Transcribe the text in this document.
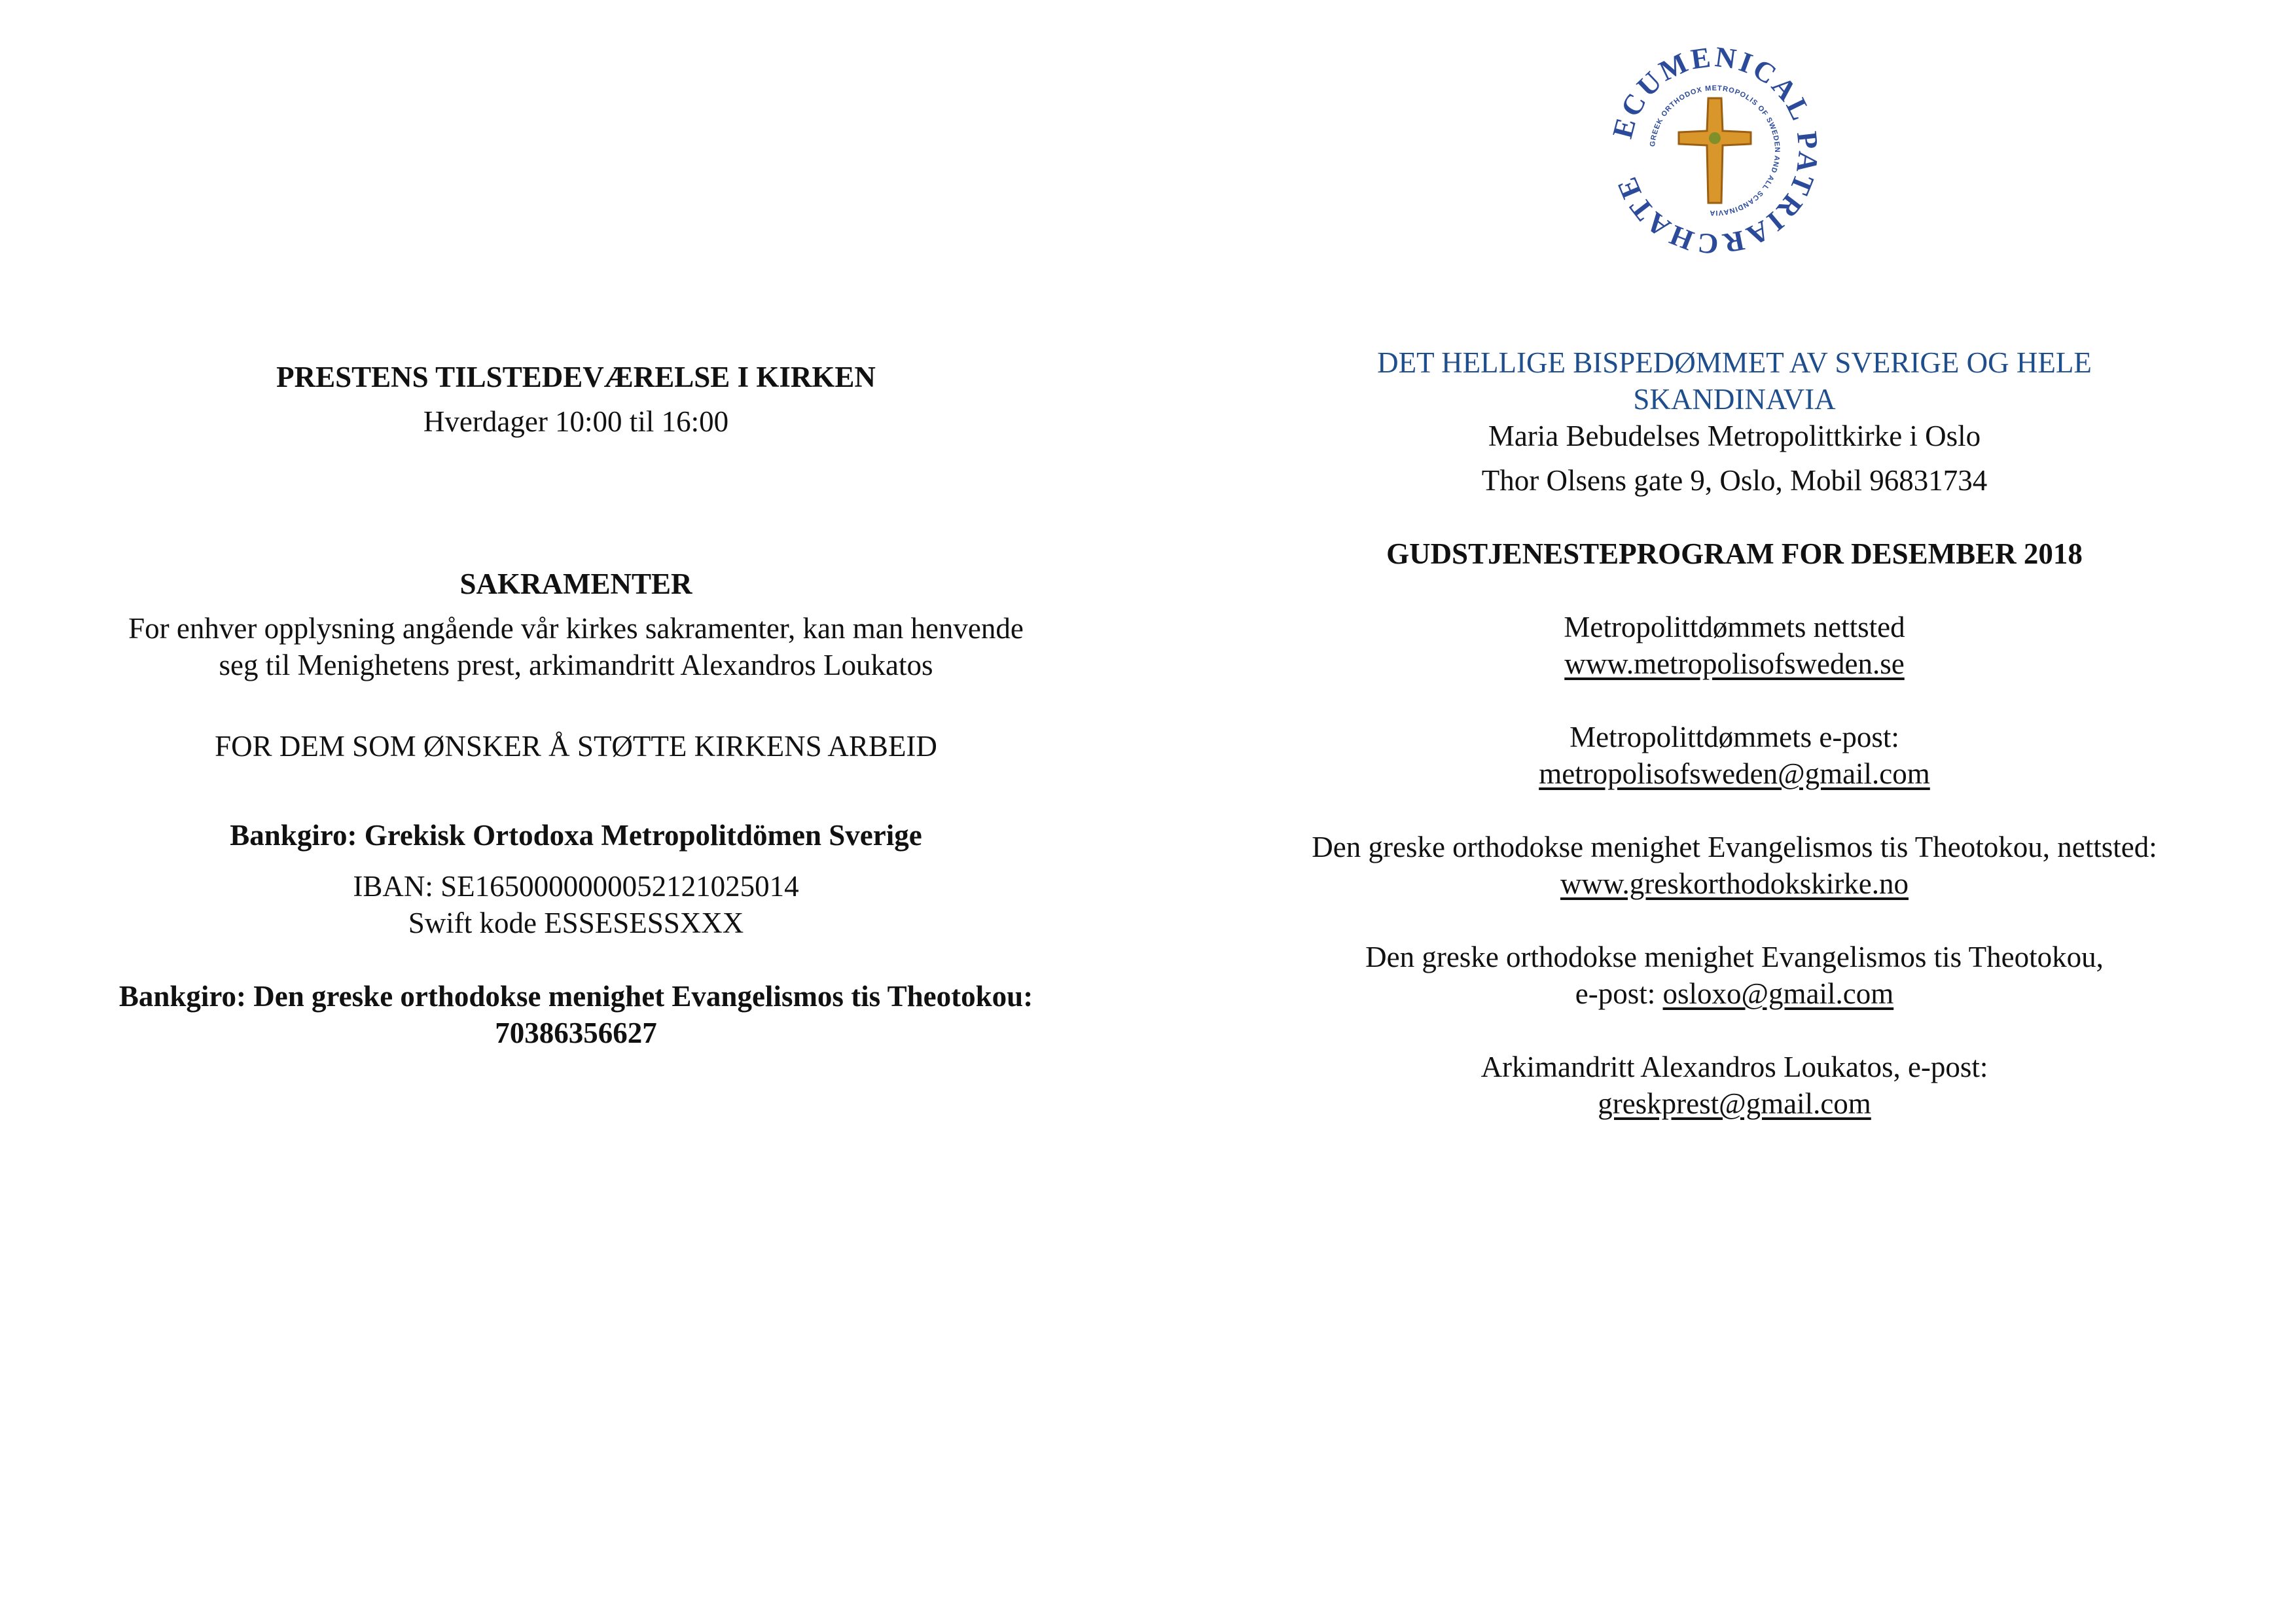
PRESTENS TILSTEDEVÆRELSE I KIRKEN
Hverdager 10:00 til 16:00
SAKRAMENTER
For enhver opplysning angående vår kirkes sakramenter, kan man henvende
seg til Menighetens prest, arkimandritt Alexandros Loukatos
FOR DEM SOM ØNSKER Å STØTTE KIRKENS ARBEID
Bankgiro: Grekisk Ortodoxa Metropolitdömen Sverige
IBAN: SE1650000000052121025014
Swift kode ESSESESSXXX
Bankgiro: Den greske orthodokse menighet Evangelismos tis Theotokou:
70386356627
CUMENICAL TRIARCHATE
GREEK ORTHODOX METROPOLIS OF SWEDEN AND ALL SCANDINAVIA
DET HELLIGE BISPEDØMMET AV SVERIGE OG HELE
SKANDINAVIA
Maria Bebudelses Metropolittkirke i Oslo
Thor Olsens gate 9, Oslo, Mobil 96831734
GUDSTJENESTEPROGRAM FOR DESEMBER 2018
Metropolittdømmets nettsted
www.metropolisofsweden.se
Metropolittdømmets e-post:
metropolisofsweden@gmail.com
Den greske orthodokse menighet Evangelismos tis Theotokou, nettsted:
www.greskorthodokskirke.no
Den greske orthodokse menighet Evangelismos tis Theotokou,
e-post: osloxo@gmail.com
Arkimandritt Alexandros Loukatos, e-post:
greskprest@gmail.com
